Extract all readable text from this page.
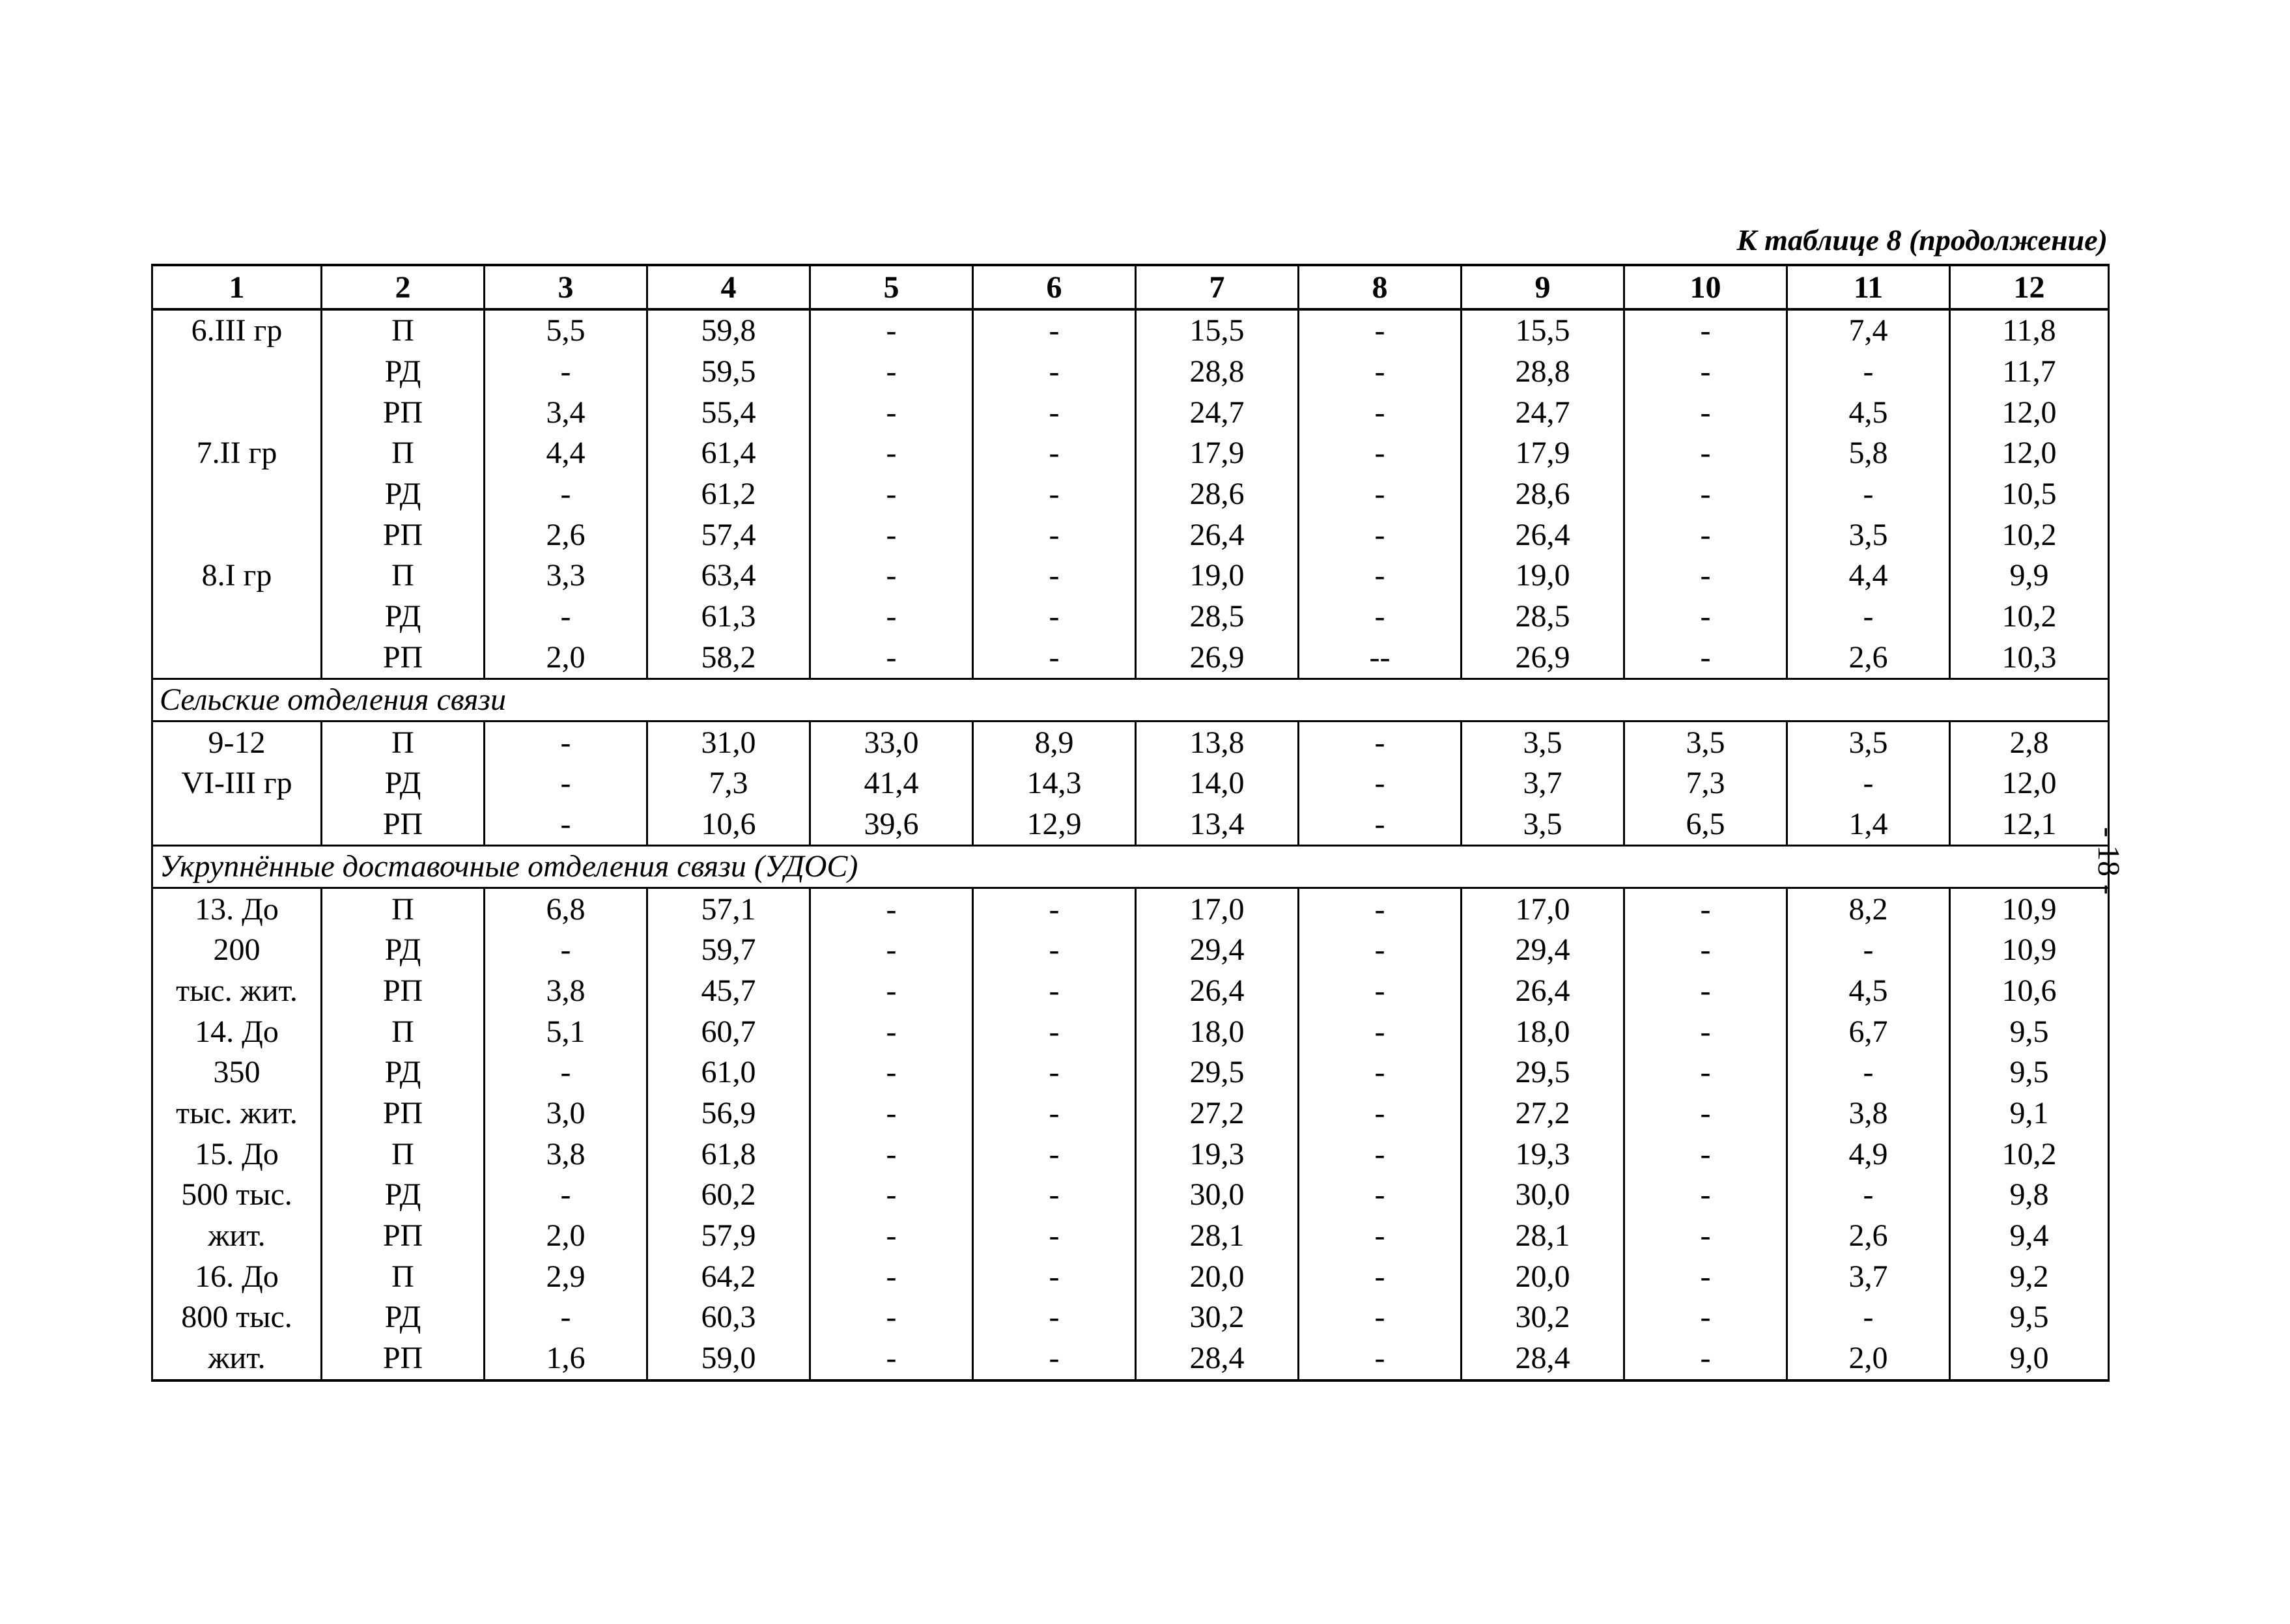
К таблице 8 (продолжение)
1	2	3	4	5	6	7	8	9	10	11	12
6.III гр	П	5,5	59,8	-	-	15,5	-	15,5	-	7,4	11,8
	РД	-	59,5	-	-	28,8	-	28,8	-	-	11,7
	РП	3,4	55,4	-	-	24,7	-	24,7	-	4,5	12,0
7.II гр	П	4,4	61,4	-	-	17,9	-	17,9	-	5,8	12,0
	РД	-	61,2	-	-	28,6	-	28,6	-	-	10,5
	РП	2,6	57,4	-	-	26,4	-	26,4	-	3,5	10,2
8.I гр	П	3,3	63,4	-	-	19,0	-	19,0	-	4,4	9,9
	РД	-	61,3	-	-	28,5	-	28,5	-	-	10,2
	РП	2,0	58,2	-	-	26,9	--	26,9	-	2,6	10,3
Сельские отделения связи											
9-12	П	-	31,0	33,0	8,9	13,8	-	3,5	3,5	3,5	2,8
VI-III гр	РД	-	7,3	41,4	14,3	14,0	-	3,7	7,3	-	12,0
	РП	-	10,6	39,6	12,9	13,4	-	3,5	6,5	1,4	12,1
Укрупнённые доставочные отделения связи (УДОС)											
13. До	П	6,8	57,1	-	-	17,0	-	17,0	-	8,2	10,9
200	РД	-	59,7	-	-	29,4	-	29,4	-	-	10,9
тыс. жит.	РП	3,8	45,7	-	-	26,4	-	26,4	-	4,5	10,6
14. До	П	5,1	60,7	-	-	18,0	-	18,0	-	6,7	9,5
350	РД	-	61,0	-	-	29,5	-	29,5	-	-	9,5
тыс. жит.	РП	3,0	56,9	-	-	27,2	-	27,2	-	3,8	9,1
15. До	П	3,8	61,8	-	-	19,3	-	19,3	-	4,9	10,2
500 тыс.	РД	-	60,2	-	-	30,0	-	30,0	-	-	9,8
жит.	РП	2,0	57,9	-	-	28,1	-	28,1	-	2,6	9,4
16. До	П	2,9	64,2	-	-	20,0	-	20,0	-	3,7	9,2
800 тыс.	РД	-	60,3	-	-	30,2	-	30,2	-	-	9,5
жит.	РП	1,6	59,0	-	-	28,4	-	28,4	-	2,0	9,0
- 18 -
